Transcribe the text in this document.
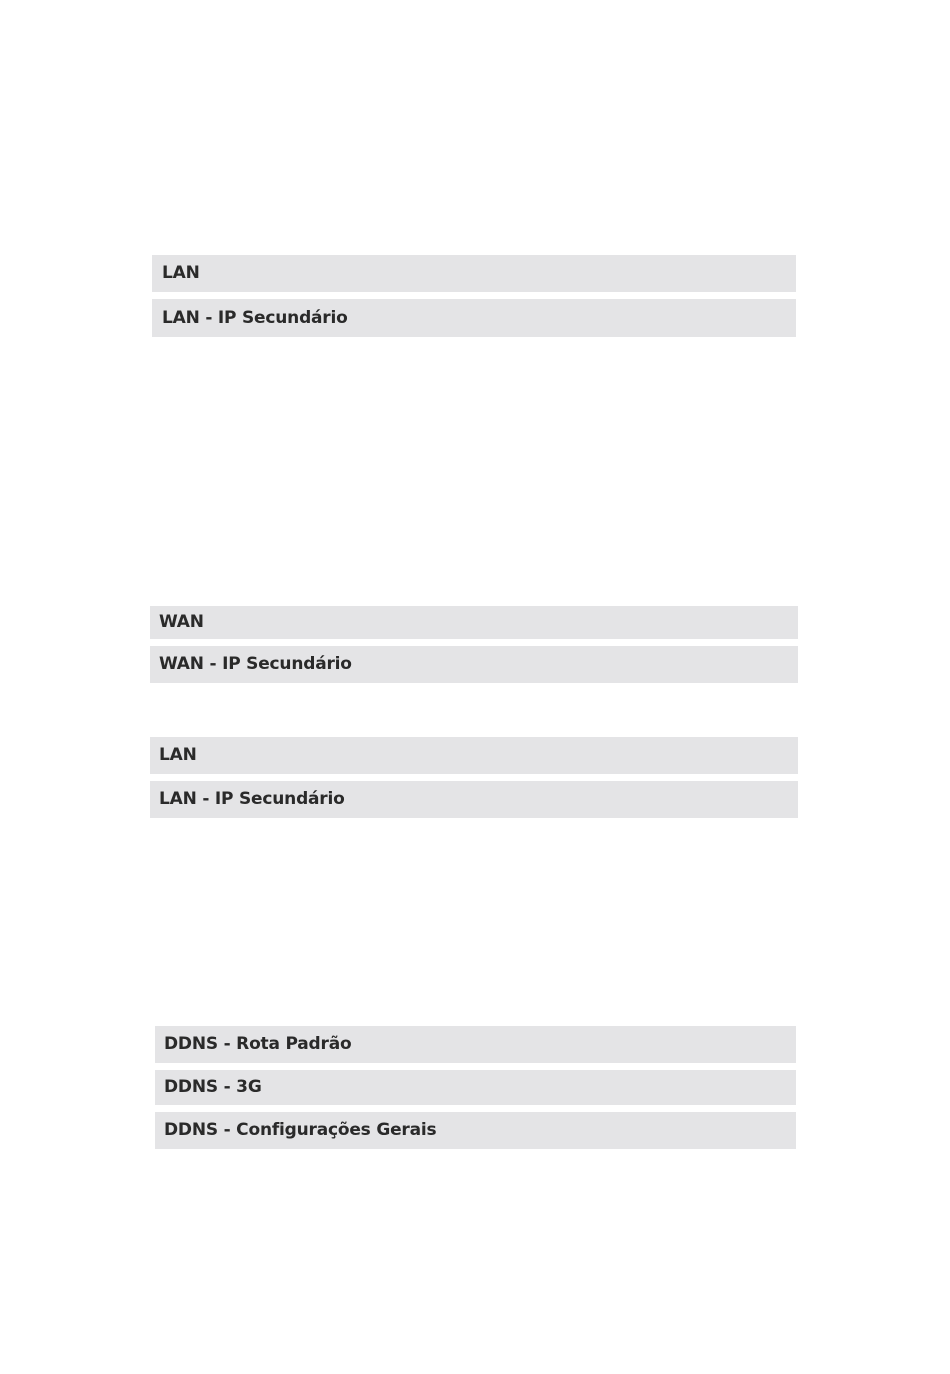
LAN
LAN - IP Secundário
WAN
WAN - IP Secundário
LAN
LAN - IP Secundário
DDNS - Rota Padrão
DDNS - 3G
DDNS - Configurações Gerais
